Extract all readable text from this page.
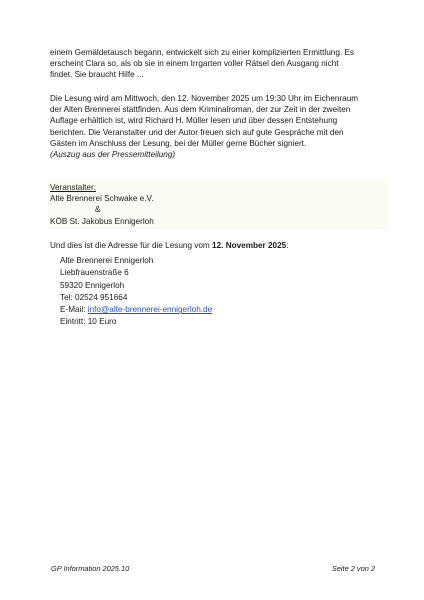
einem Gemäldetausch begann, entwickelt sich zu einer komplizierten Ermittlung. Es

erscheint Clara so, als ob sie in einem Irrgarten voller Rätsel den Ausgang nicht

findet. Sie braucht Hilfe ...

Die Lesung wird am Mittwoch, den 12. November 2025 um 19:30 Uhr im Eichenraum

der Alten Brennerei stattfinden. Aus dem Kriminalroman, der zur Zeit in der zweiten

Auflage erhältlich ist, wird Richard H. Müller lesen und über dessen Entstehung

berichten. Die Veranstalter und der Autor freuen sich auf gute Gespräche mit den

Gästen im Anschluss der Lesung, bei der Müller gerne Bücher signiert.

(Auszug aus der Pressemitteilung)

Veranstalter:

Alte Brennerei Schwake e.V.

&

KÖB St. Jakobus Ennigerloh

Und dies ist die Adresse für die Lesung vom 12. November 2025:

Alte Brennerei Ennigerloh

Liebfrauenstraße 6

59320 Ennigerloh

Tel: 02524 951664

E-Mail: info@alte-brennerei-ennigerloh.de

Eintritt: 10 Euro

GP Information 2025.10	Seite 2 von 2
